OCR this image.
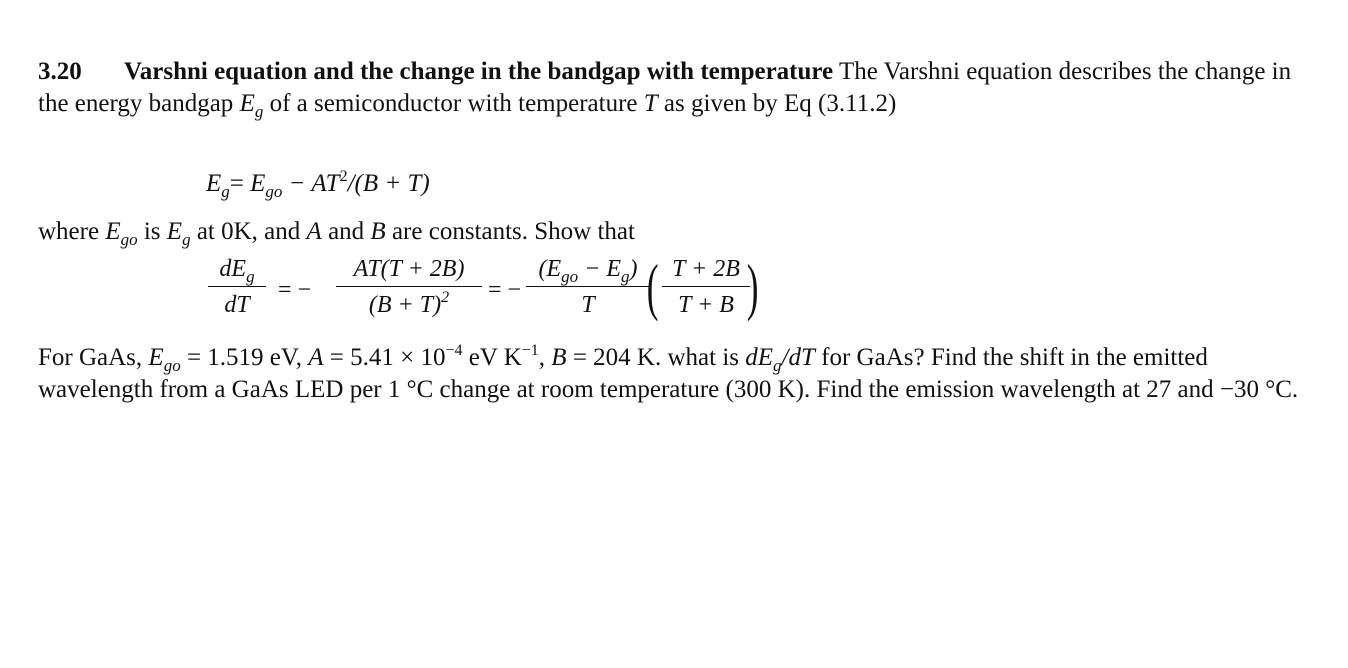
3.20 Varshni equation and the change in the bandgap with temperature The Varshni equation describes the change in the energy bandgap $E_g$ of a semiconductor with temperature T as given by Eq (3.11.2)

$E_g= E_{go} - AT^2/(B + T)$
where $E_{go}$ is $E_g$ at 0K, and A and B are constants. Show that
$dE_g$
dT
= −
AT(T + 2B)
$(B + T)^2$	= −
$(E_{go} - E_g)$
T ( T + 2B
T + B )

For GaAs, $E_{go} = 1.519$ eV, $A = 5.41 \times 10^{-4}$ eV $K^{-1}$, B = 204 K. what is $dE_g/dT$ for GaAs? Find the shift in the emitted wavelength from a GaAs LED per 1 °C change at room temperature (300 K). Find the emission wavelength at 27 and −30 °C.
